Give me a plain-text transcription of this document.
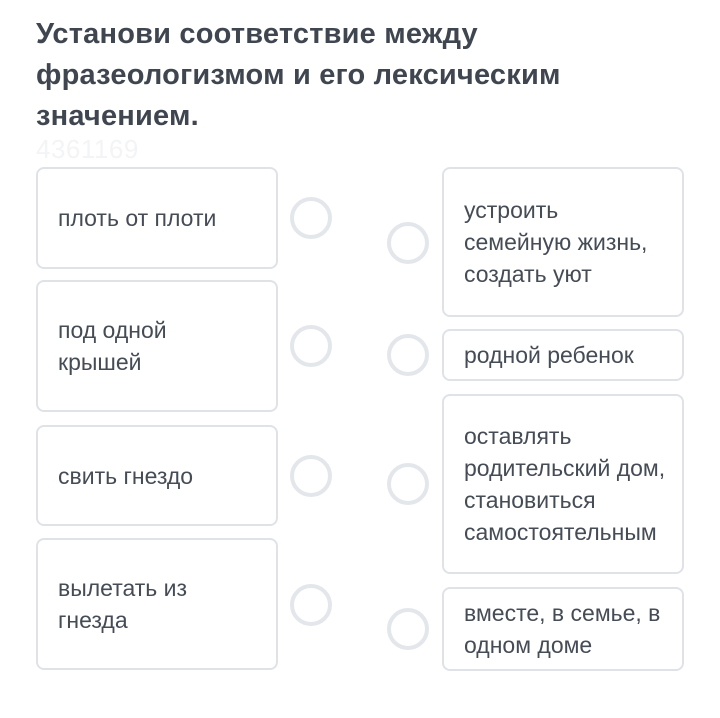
Установи соответствие между фразеологизмом и его лексическим значением.
4361169
плоть от плоти
под одной крышей
свить гнездо
вылетать из гнезда
устроить семейную жизнь, создать уют
родной ребенок
оставлять родительский дом, становиться самостоятельным
вместе, в семье, в одном доме
